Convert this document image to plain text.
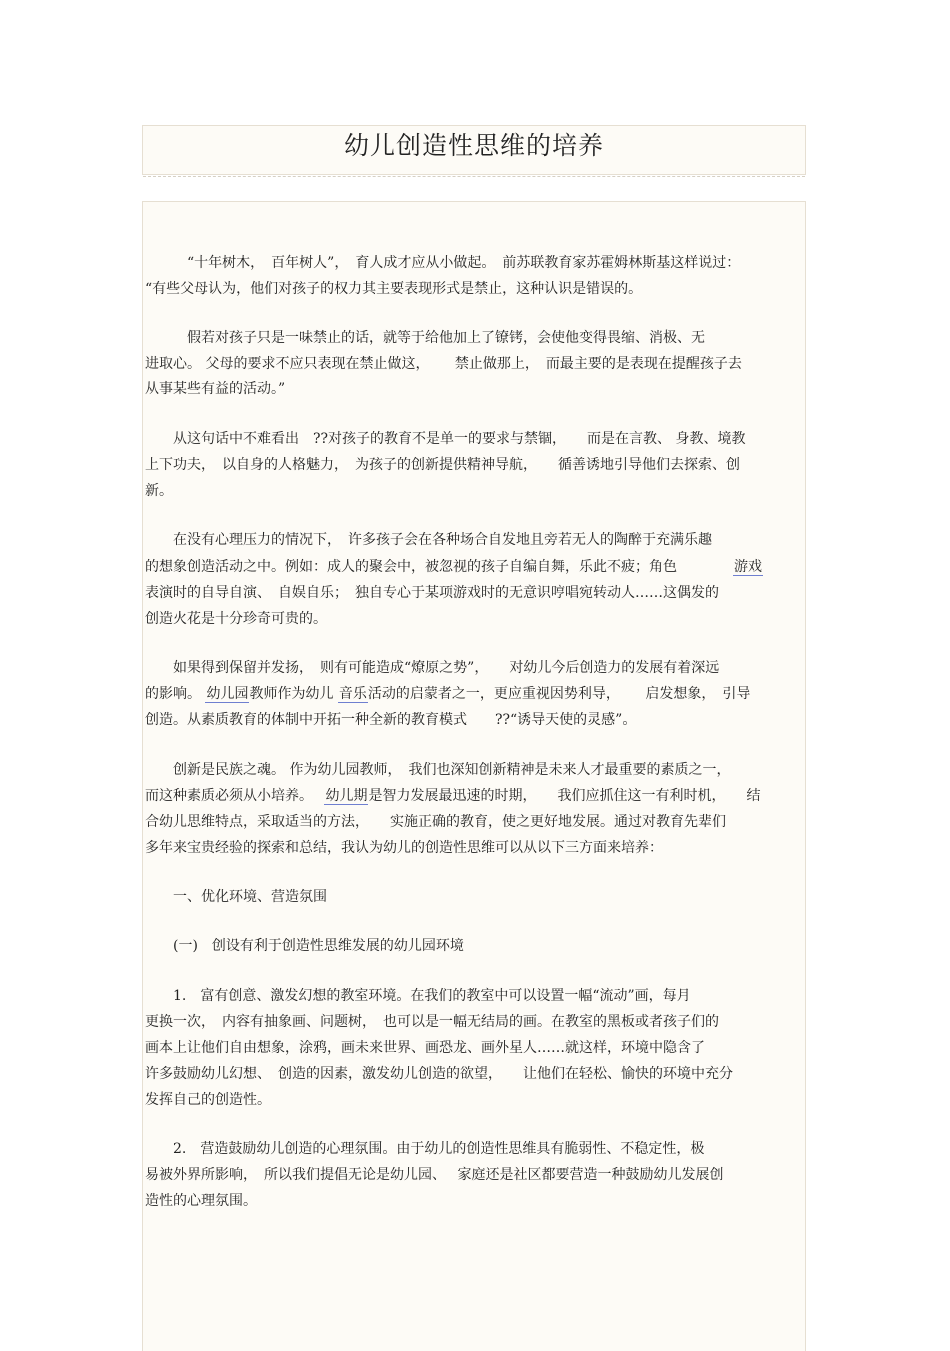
幼儿创造性思维的培养
　　　“十年树木，　百年树人”，　育人成才应从小做起。　前苏联教育家苏霍姆林斯基这样说过：
“有些父母认为，他们对孩子的权力其主要表现形式是禁止，这种认识是错误的。
　　　假若对孩子只是一味禁止的话，就等于给他加上了镣铐，会使他变得畏缩、消极、无
进取心。 父母的要求不应只表现在禁止做这，　　 禁止做那上，　而最主要的是表现在提醒孩子去
从事某些有益的活动。”
　　从这句话中不难看出　??对孩子的教育不是单一的要求与禁锢，　　而是在言教、 身教、境教
上下功夫，　以自身的人格魅力，　为孩子的创新提供精神导航，　　循善诱地引导他们去探索、创
新。
　　在没有心理压力的情况下，　许多孩子会在各种场合自发地且旁若无人的陶醉于充满乐趣
的想象创造活动之中。例如：成人的聚会中，被忽视的孩子自编自舞，乐此不疲；角色　　　　游戏
表演时的自导自演、　自娱自乐；　独自专心于某项游戏时的无意识哼唱宛转动人……这偶发的
创造火花是十分珍奇可贵的。
　　如果得到保留并发扬，　则有可能造成“燎原之势”，　　对幼儿今后创造力的发展有着深远
的影响。 幼儿园教师作为幼儿 音乐活动的启蒙者之一，更应重视因势利导，　　 启发想象，　引导
创造。从素质教育的体制中开拓一种全新的教育模式　　??“诱导天使的灵感”。
　　创新是民族之魂。 作为幼儿园教师，　我们也深知创新精神是未来人才最重要的素质之一，
而这种素质必须从小培养。　 幼儿期是智力发展最迅速的时期，　　我们应抓住这一有利时机，　　结
合幼儿思维特点，采取适当的方法，　　实施正确的教育，使之更好地发展。通过对教育先辈们
多年来宝贵经验的探索和总结，我认为幼儿的创造性思维可以从以下三方面来培养：
　　一、优化环境、营造氛围
　　(一)　创设有利于创造性思维发展的幼儿园环境
　　1.　富有创意、激发幻想的教室环境。在我们的教室中可以设置一幅“流动”画，每月
更换一次，　内容有抽象画、问题树，　也可以是一幅无结局的画。在教室的黑板或者孩子们的
画本上让他们自由想象，涂鸦，画未来世界、画恐龙、画外星人……就这样，环境中隐含了
许多鼓励幼儿幻想、　创造的因素，激发幼儿创造的欲望，　　让他们在轻松、愉快的环境中充分
发挥自己的创造性。
　　2.　营造鼓励幼儿创造的心理氛围。由于幼儿的创造性思维具有脆弱性、不稳定性，极
易被外界所影响，　所以我们提倡无论是幼儿园、　 家庭还是社区都要营造一种鼓励幼儿发展创
造性的心理氛围。
